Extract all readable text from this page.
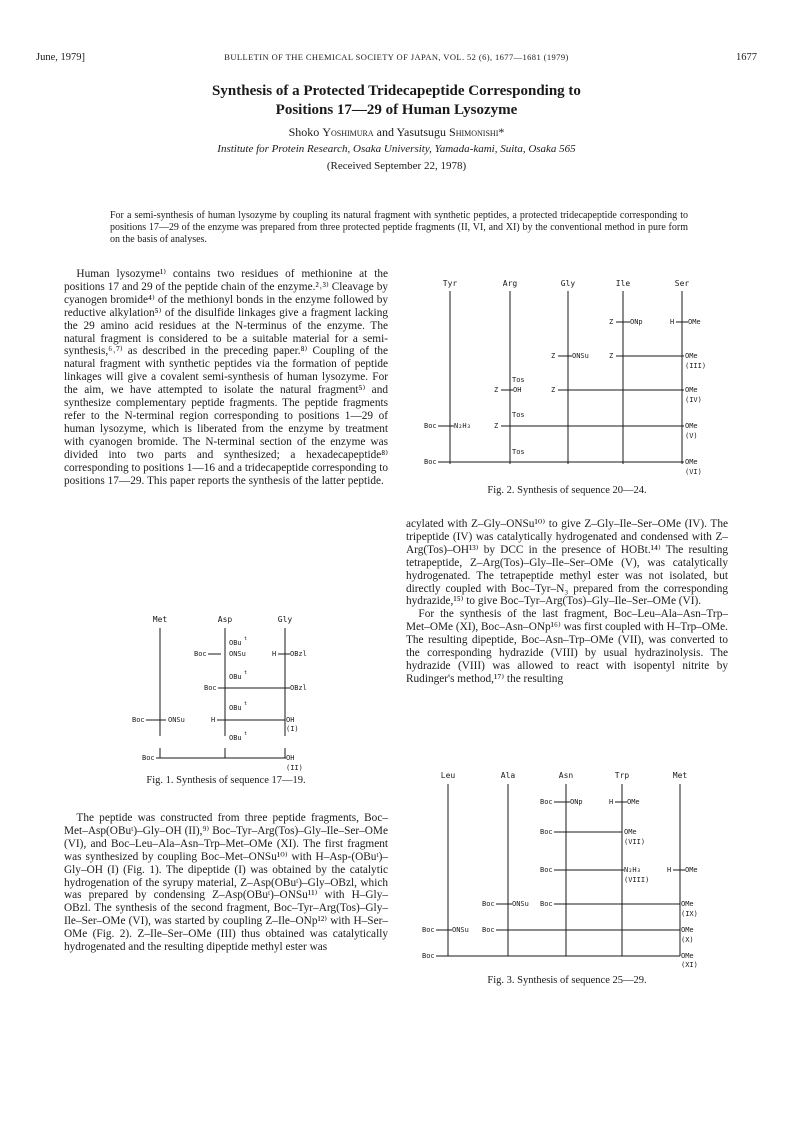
June, 1979]	BULLETIN OF THE CHEMICAL SOCIETY OF JAPAN, VOL. 52 (6), 1677—1681 (1979)	1677
Synthesis of a Protected Tridecapeptide Corresponding to
Positions 17—29 of Human Lysozyme
Shoko Yoshimura and Yasutsugu Shimonishi*
Institute for Protein Research, Osaka University, Yamada-kami, Suita, Osaka 565
(Received September 22, 1978)
For a semi-synthesis of human lysozyme by coupling its natural fragment with synthetic peptides, a protected tridecapeptide corresponding to positions 17—29 of the enzyme was prepared from three protected peptide fragments (II, VI, and XI) by the conventional method in pure form on the basis of analyses.

Human lysozyme¹⁾ contains two residues of methionine at the positions 17 and 29 of the peptide chain of the enzyme.²˒³⁾ Cleavage by cyanogen bromide⁴⁾ of the methionyl bonds in the enzyme followed by reductive alkylation⁵⁾ of the disulfide linkages give a fragment lacking the 29 amino acid residues at the N-terminus of the enzyme. The natural fragment is considered to be a suitable material for a semi-synthesis,⁶˒⁷⁾ as described in the preceding paper.⁸⁾ Coupling of the natural fragment with synthetic peptides via the formation of peptide linkages will give a covalent semi-synthesis of human lysozyme. For the aim, we have attempted to isolate the natural fragment⁵⁾ and synthesize complementary peptide fragments. The peptide fragments refer to the N-terminal region corresponding to positions 1—29 of human lysozyme, which is liberated from the enzyme by treatment with cyanogen bromide. The N-terminal section of the enzyme was divided into two parts and synthesized; a hexadecapeptide⁸⁾ corresponding to positions 1—16 and a tridecapeptide corresponding to positions 17—29. This paper reports the synthesis of the latter peptide.

Met	Asp	Gly
OBu t
Boc	ONSu	H OBzl
OBu t
Boc	OBzl
OBu t
Boc	ONSu	H	OH
(I)
OBu t
Boc	OH
(II)
Fig. 1. Synthesis of sequence 17—19.

The peptide was constructed from three peptide fragments, Boc–Met–Asp(OBuᵗ)–Gly–OH (II),⁹⁾ Boc–Tyr–Arg(Tos)–Gly–Ile–Ser–OMe (VI), and Boc–Leu–Ala–Asn–Trp–Met–OMe (XI). The first fragment was synthesized by coupling Boc–Met–ONSu¹⁰⁾ with H–Asp-(OBuᵗ)–Gly–OH (I) (Fig. 1). The dipeptide (I) was obtained by the catalytic hydrogenation of the syrupy material, Z–Asp(OBuᵗ)–Gly–OBzl, which was prepared by condensing Z–Asp(OBuᵗ)–ONSu¹¹⁾ with H–Gly–OBzl. The synthesis of the second fragment, Boc–Tyr–Arg(Tos)–Gly–Ile–Ser–OMe (VI), was started by coupling Z–Ile–ONp¹²⁾ with H–Ser–OMe (Fig. 2). Z–Ile–Ser–OMe (III) thus obtained was catalytically hydrogenated and the resulting dipeptide methyl ester was

Tyr	Arg	Gly	Ile	Ser
Z ONp	H OMe
Z ONSu	Z	OMe
(III)
Tos
Z OH	Z	OMe
(IV)
Tos
Boc N₂H₃	Z	OMe
(V)
Tos
Boc	OMe
(VI)
Fig. 2. Synthesis of sequence 20—24.

acylated with Z–Gly–ONSu¹⁰⁾ to give Z–Gly–Ile–Ser–OMe (IV). The tripeptide (IV) was catalytically hydrogenated and condensed with Z–Arg(Tos)–OH¹³⁾ by DCC in the presence of HOBt.¹⁴⁾ The resulting tetrapeptide, Z–Arg(Tos)–Gly–Ile–Ser–OMe (V), was catalytically hydrogenated. The tetrapeptide methyl ester was not isolated, but directly coupled with Boc–Tyr–N₃ prepared from the corresponding hydrazide,¹⁵⁾ to give Boc–Tyr–Arg(Tos)–Gly–Ile–Ser–OMe (VI).

For the synthesis of the last fragment, Boc–Leu–Ala–Asn–Trp–Met–OMe (XI), Boc–Asn–ONp¹⁶⁾ was first coupled with H–Trp–OMe. The resulting dipeptide, Boc–Asn–Trp–OMe (VII), was converted to the corresponding hydrazide (VIII) by usual hydrazinolysis. The hydrazide (VIII) was allowed to react with isopentyl nitrite by Rudinger's method,¹⁷⁾ the resulting

Leu	Ala	Asn	Trp	Met
Boc ONp	H OMe
Boc	OMe
(VII)
Boc	N₂H₃
(VIII)
H OMe
Boc ONSu Boc	OMe
(IX)
Boc ONSu Boc	OMe
(X)
Boc	OMe
(XI)
Fig. 3. Synthesis of sequence 25—29.
